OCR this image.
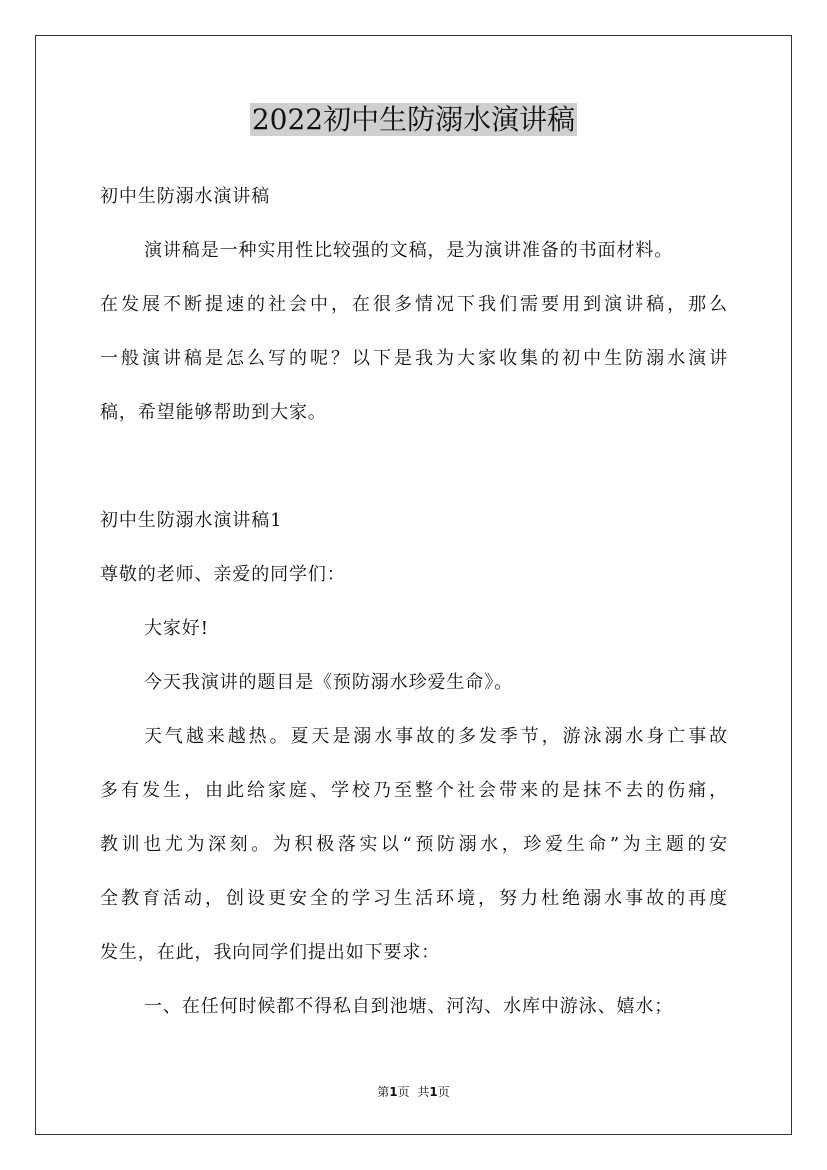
2022初中生防溺水演讲稿
初中生防溺水演讲稿
演讲稿是一种实用性比较强的文稿，是为演讲准备的书面材料。
在发展不断提速的社会中，在很多情况下我们需要用到演讲稿，那么
一般演讲稿是怎么写的呢？以下是我为大家收集的初中生防溺水演讲
稿，希望能够帮助到大家。
初中生防溺水演讲稿1
尊敬的老师、亲爱的同学们：
大家好!
今天我演讲的题目是《预防溺水珍爱生命》。
天气越来越热。夏天是溺水事故的多发季节，游泳溺水身亡事故
多有发生，由此给家庭、学校乃至整个社会带来的是抹不去的伤痛，
教训也尤为深刻。为积极落实以“预防溺水，珍爱生命”为主题的安
全教育活动，创设更安全的学习生活环境，努力杜绝溺水事故的再度
发生，在此，我向同学们提出如下要求：
一、在任何时候都不得私自到池塘、河沟、水库中游泳、嬉水；
第1页 共1页
